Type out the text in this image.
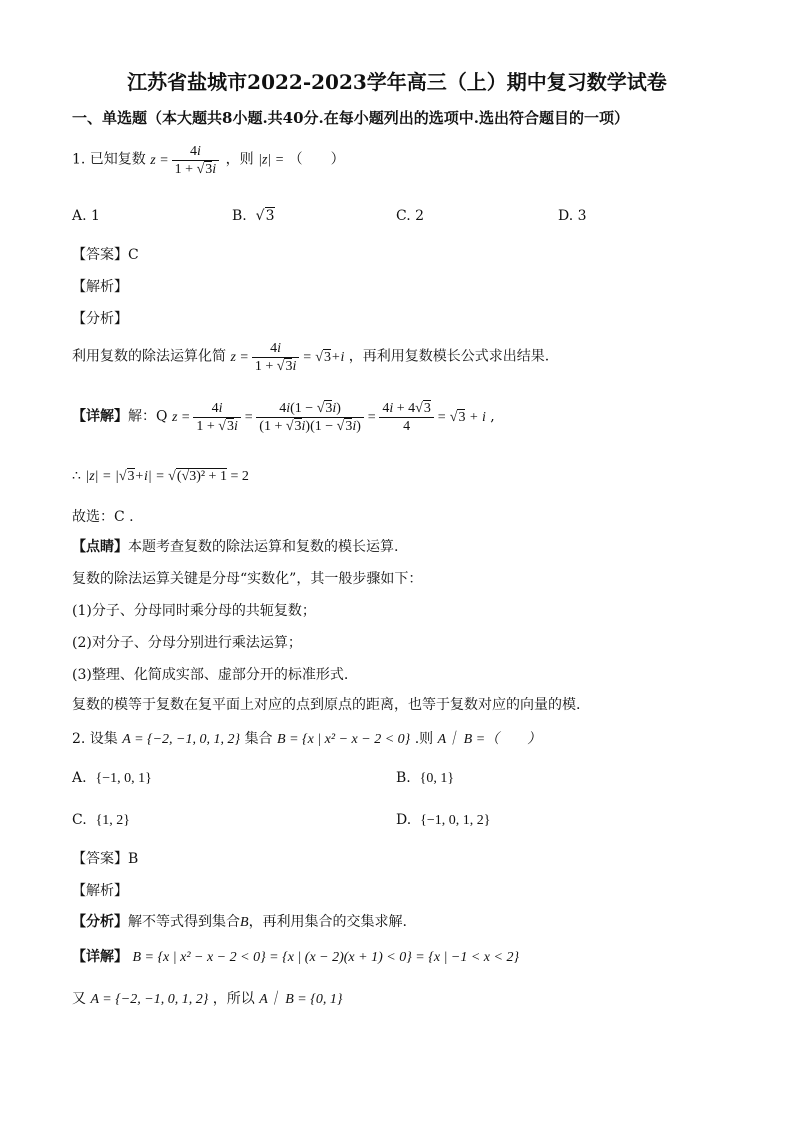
江苏省盐城市2022-2023学年高三（上）期中复习数学试卷
一、单选题（本大题共8小题.共40分.在每小题列出的选项中.选出符合题目的一项）
1. 已知复数 $z = \frac{4i}{1 + √3i}$ ，则 |z| = （　　）
A. 1	B. √3	C. 2	D. 3
【答案】C
【解析】
【分析】
利用复数的除法运算化简 $z = \frac{4i}{1 + √3i} = √3+i$ ，再利用复数模长公式求出结果.
【详解】解：Q $z = \frac{4i}{1 + √3i} = \frac{4i(1 - √3i)}{(1 + √3i)(1 - √3i)} = \frac{4i + 4√3}{4} = √3 + i$ ,
∴ |z| = |√3+i| = √(√3)² + 1 = 2
故选：C .
【点睛】本题考查复数的除法运算和复数的模长运算.
复数的除法运算关键是分母“实数化”，其一般步骤如下：
(1)分子、分母同时乘分母的共轭复数；
(2)对分子、分母分别进行乘法运算；
(3)整理、化简成实部、虚部分开的标准形式.
复数的模等于复数在复平面上对应的点到原点的距离，也等于复数对应的向量的模.
2. 设集 A = {−2, −1, 0, 1, 2} 集合 B = {x | x² − x − 2 < 0} .则 A｜ B =（　　）
A. {−1, 0, 1}	B. {0, 1}
C. {1, 2}	D. {−1, 0, 1, 2}
【答案】B
【解析】
【分析】解不等式得到集合B，再利用集合的交集求解.
【详解】 B = {x | x² − x − 2 < 0} = {x | (x − 2)(x + 1) < 0} = {x | −1 < x < 2}
又 A = {−2, −1, 0, 1, 2} ，所以 A｜ B = {0, 1}
